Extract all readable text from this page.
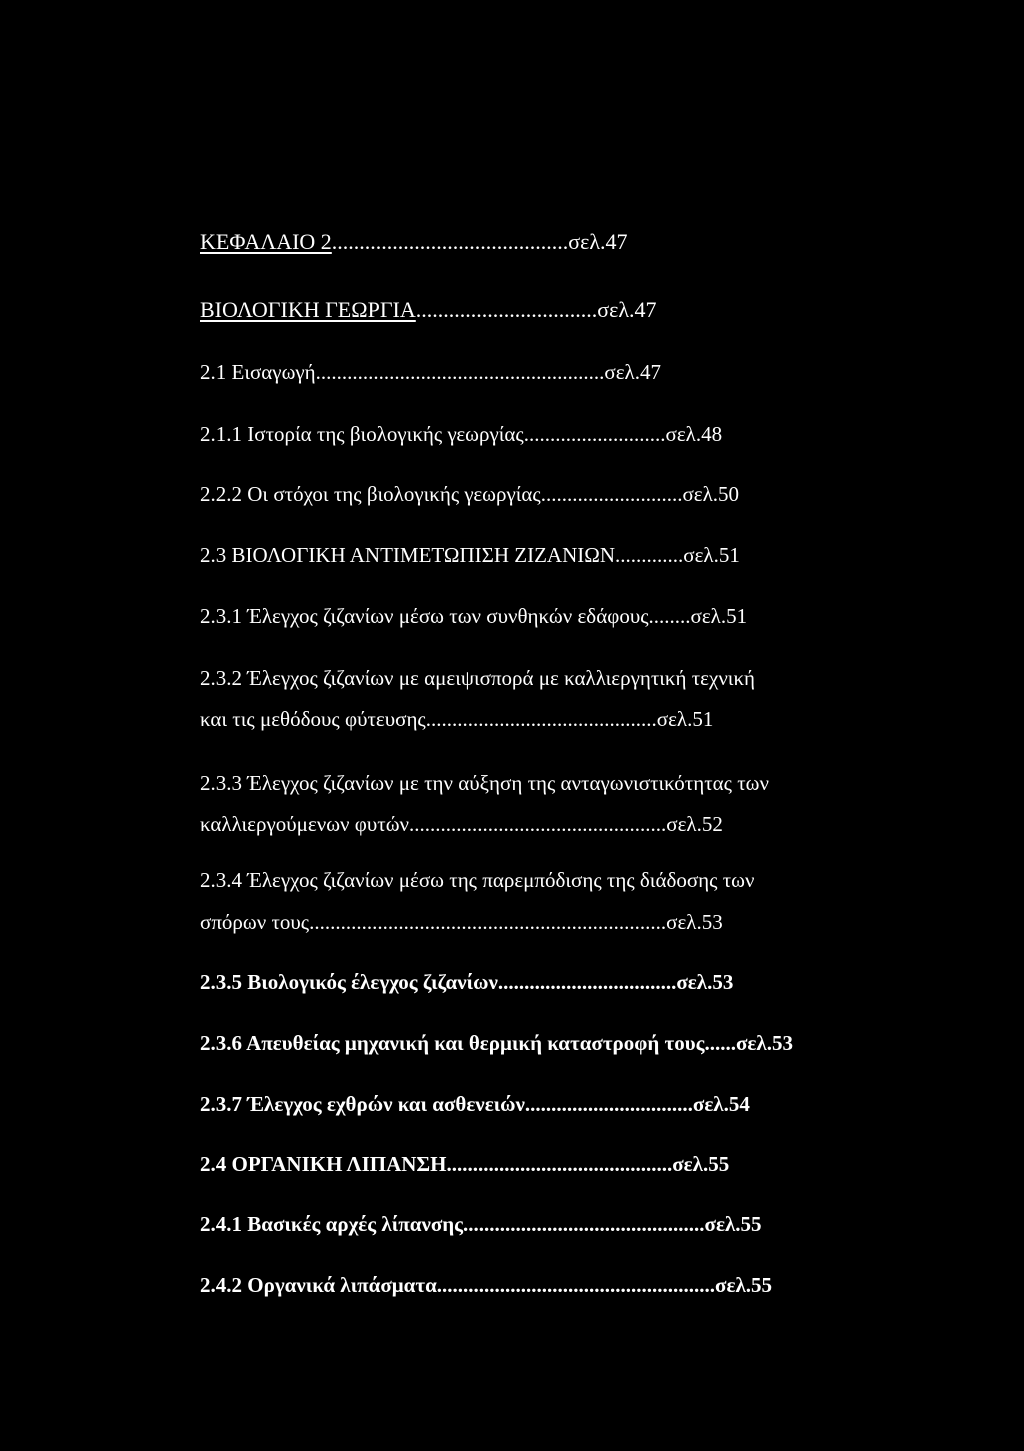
ΚΕΦΑΛΑΙΟ 2...........................................σελ.47
ΒΙΟΛΟΓΙΚΗ ΓΕΩΡΓΙΑ.................................σελ.47
2.1 Εισαγωγή.......................................................σελ.47
2.1.1 Ιστορία της βιολογικής γεωργίας...........................σελ.48
2.2.2 Οι στόχοι της βιολογικής γεωργίας...........................σελ.50
2.3 ΒΙΟΛΟΓΙΚΗ ΑΝΤΙΜΕΤΩΠΙΣΗ ΖΙΖΑΝΙΩΝ.............σελ.51
2.3.1 Έλεγχος ζιζανίων μέσω των συνθηκών εδάφους........σελ.51
2.3.2 Έλεγχος ζιζανίων με αμειψισπορά με καλλιεργητική τεχνική
και τις μεθόδους φύτευσης............................................σελ.51
2.3.3 Έλεγχος ζιζανίων με την αύξηση της ανταγωνιστικότητας των
καλλιεργούμενων φυτών.................................................σελ.52
2.3.4 Έλεγχος ζιζανίων μέσω της παρεμπόδισης της διάδοσης των
σπόρων τους....................................................................σελ.53
2.3.5 Βιολογικός έλεγχος ζιζανίων..................................σελ.53
2.3.6 Απευθείας μηχανική και θερμική καταστροφή τους......σελ.53
2.3.7 Έλεγχος εχθρών και ασθενειών................................σελ.54
2.4 ΟΡΓΑΝΙΚΗ ΛΙΠΑΝΣΗ...........................................σελ.55
2.4.1 Βασικές αρχές λίπανσης..............................................σελ.55
2.4.2 Οργανικά λιπάσματα.....................................................σελ.55
